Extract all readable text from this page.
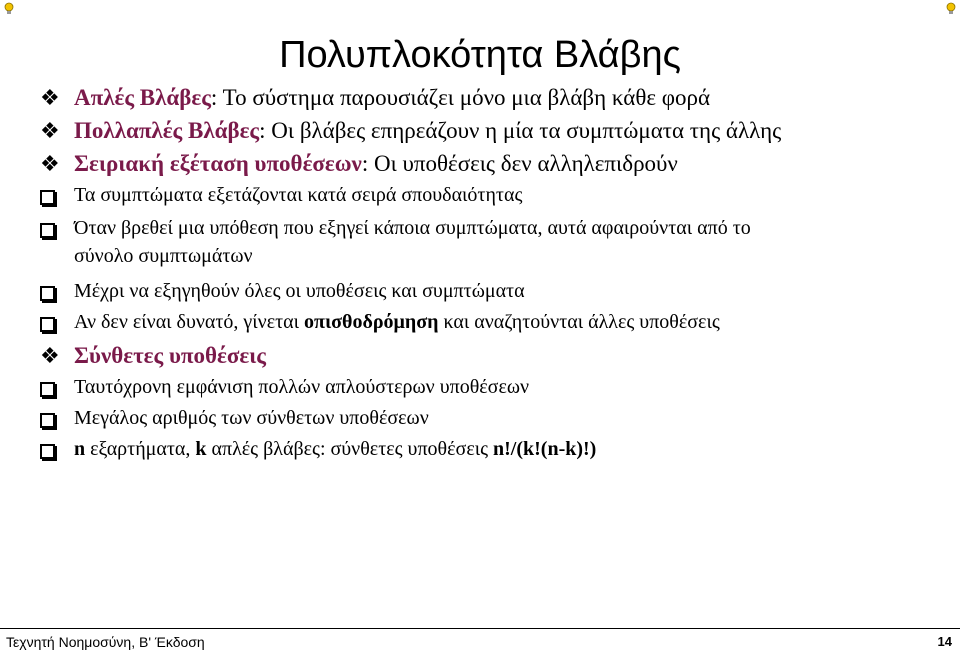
Πολυπλοκότητα Βλάβης
❖ Απλές Βλάβες: Το σύστημα παρουσιάζει μόνο μια βλάβη κάθε φορά
❖ Πολλαπλές Βλάβες: Οι βλάβες επηρεάζουν η μία τα συμπτώματα της άλλης
❖ Σειριακή εξέταση υποθέσεων: Οι υποθέσεις δεν αλληλεπιδρούν
Τα συμπτώματα εξετάζονται κατά σειρά σπουδαιότητας
Όταν βρεθεί μια υπόθεση που εξηγεί κάποια συμπτώματα, αυτά αφαιρούνται από το
σύνολο συμπτωμάτων
Μέχρι να εξηγηθούν όλες οι υποθέσεις και συμπτώματα
Αν δεν είναι δυνατό, γίνεται οπισθοδρόμηση και αναζητούνται άλλες υποθέσεις
❖ Σύνθετες υποθέσεις
Ταυτόχρονη εμφάνιση πολλών απλούστερων υποθέσεων
Μεγάλος αριθμός των σύνθετων υποθέσεων
n εξαρτήματα, k απλές βλάβες: σύνθετες υποθέσεις n!/(k!(n-k)!)
Τεχνητή Νοημοσύνη, B' Έκδοση	14
